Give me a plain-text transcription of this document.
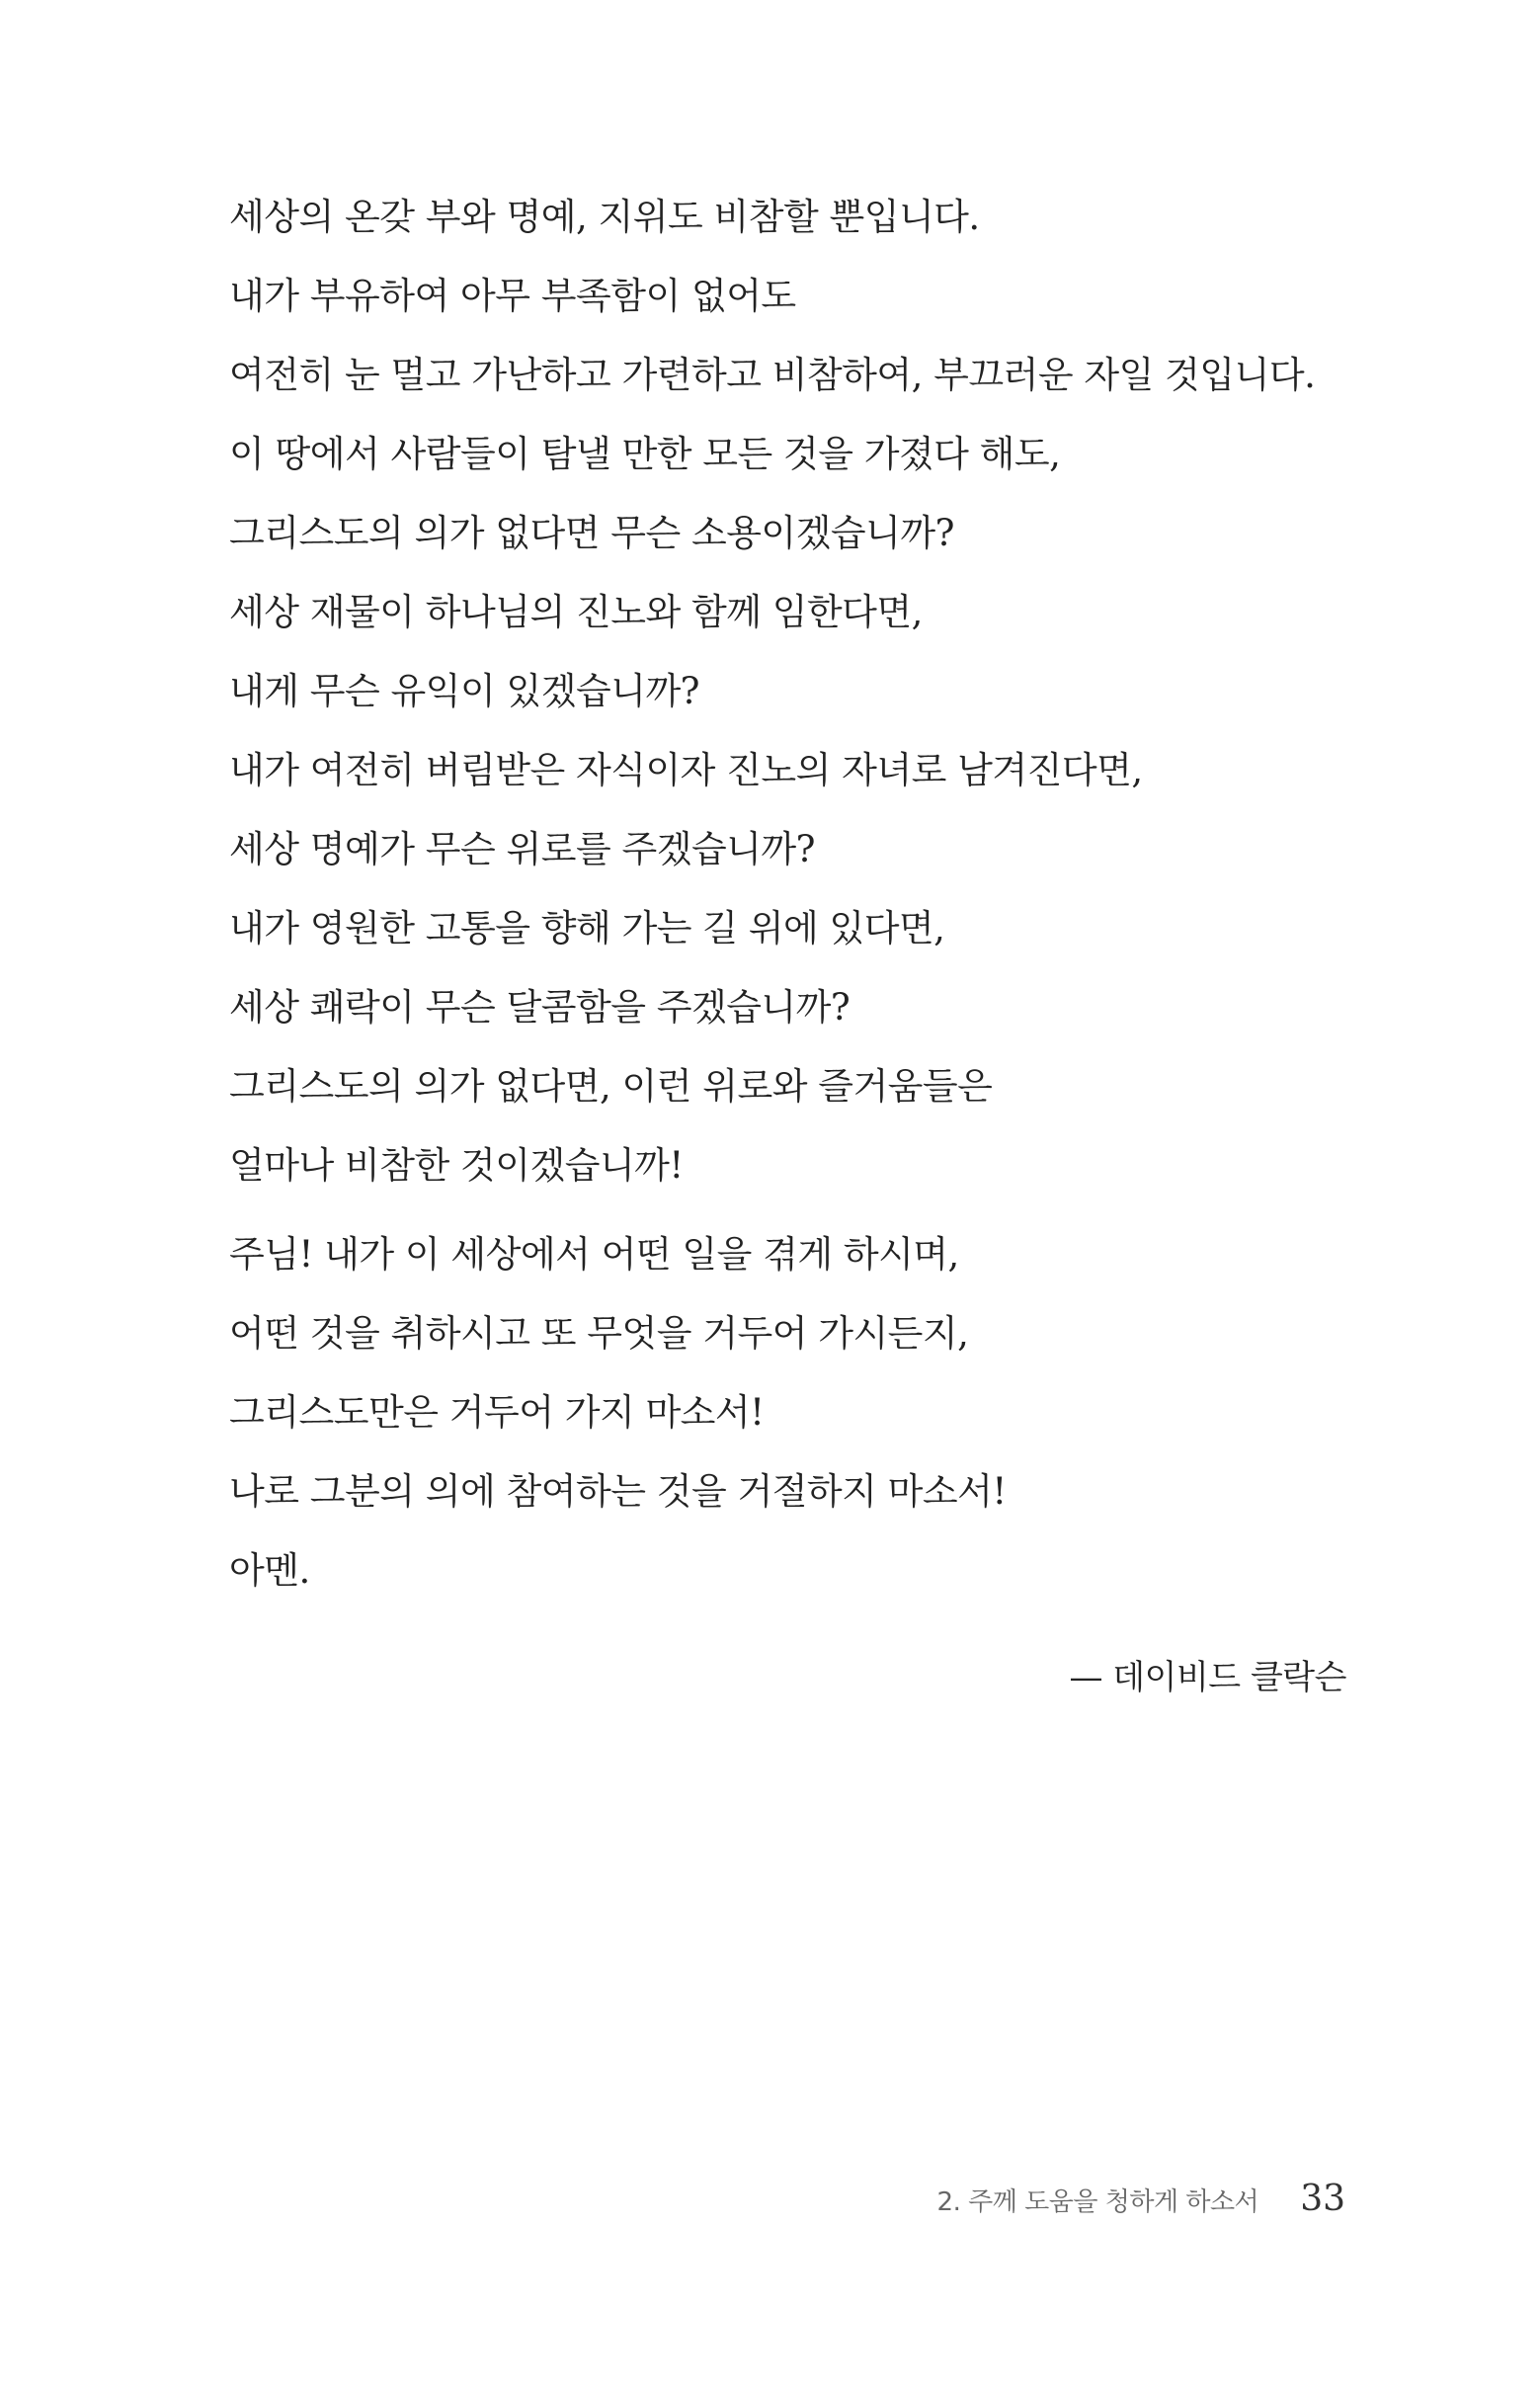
세상의 온갖 부와 명예, 지위도 비참할 뿐입니다.
내가 부유하여 아무 부족함이 없어도
여전히 눈 멀고 가난하고 가련하고 비참하여, 부끄러운 자일 것입니다.
이 땅에서 사람들이 탐낼 만한 모든 것을 가졌다 해도,
그리스도의 의가 없다면 무슨 소용이겠습니까?
세상 재물이 하나님의 진노와 함께 임한다면,
내게 무슨 유익이 있겠습니까?
내가 여전히 버림받은 자식이자 진노의 자녀로 남겨진다면,
세상 명예가 무슨 위로를 주겠습니까?
내가 영원한 고통을 향해 가는 길 위에 있다면,
세상 쾌락이 무슨 달콤함을 주겠습니까?
그리스도의 의가 없다면, 이런 위로와 즐거움들은
얼마나 비참한 것이겠습니까!
주님! 내가 이 세상에서 어떤 일을 겪게 하시며,
어떤 것을 취하시고 또 무엇을 거두어 가시든지,
그리스도만은 거두어 가지 마소서!
나로 그분의 의에 참여하는 것을 거절하지 마소서!
아멘.
— 데이비드 클락슨
2. 주께 도움을 청하게 하소서 33
